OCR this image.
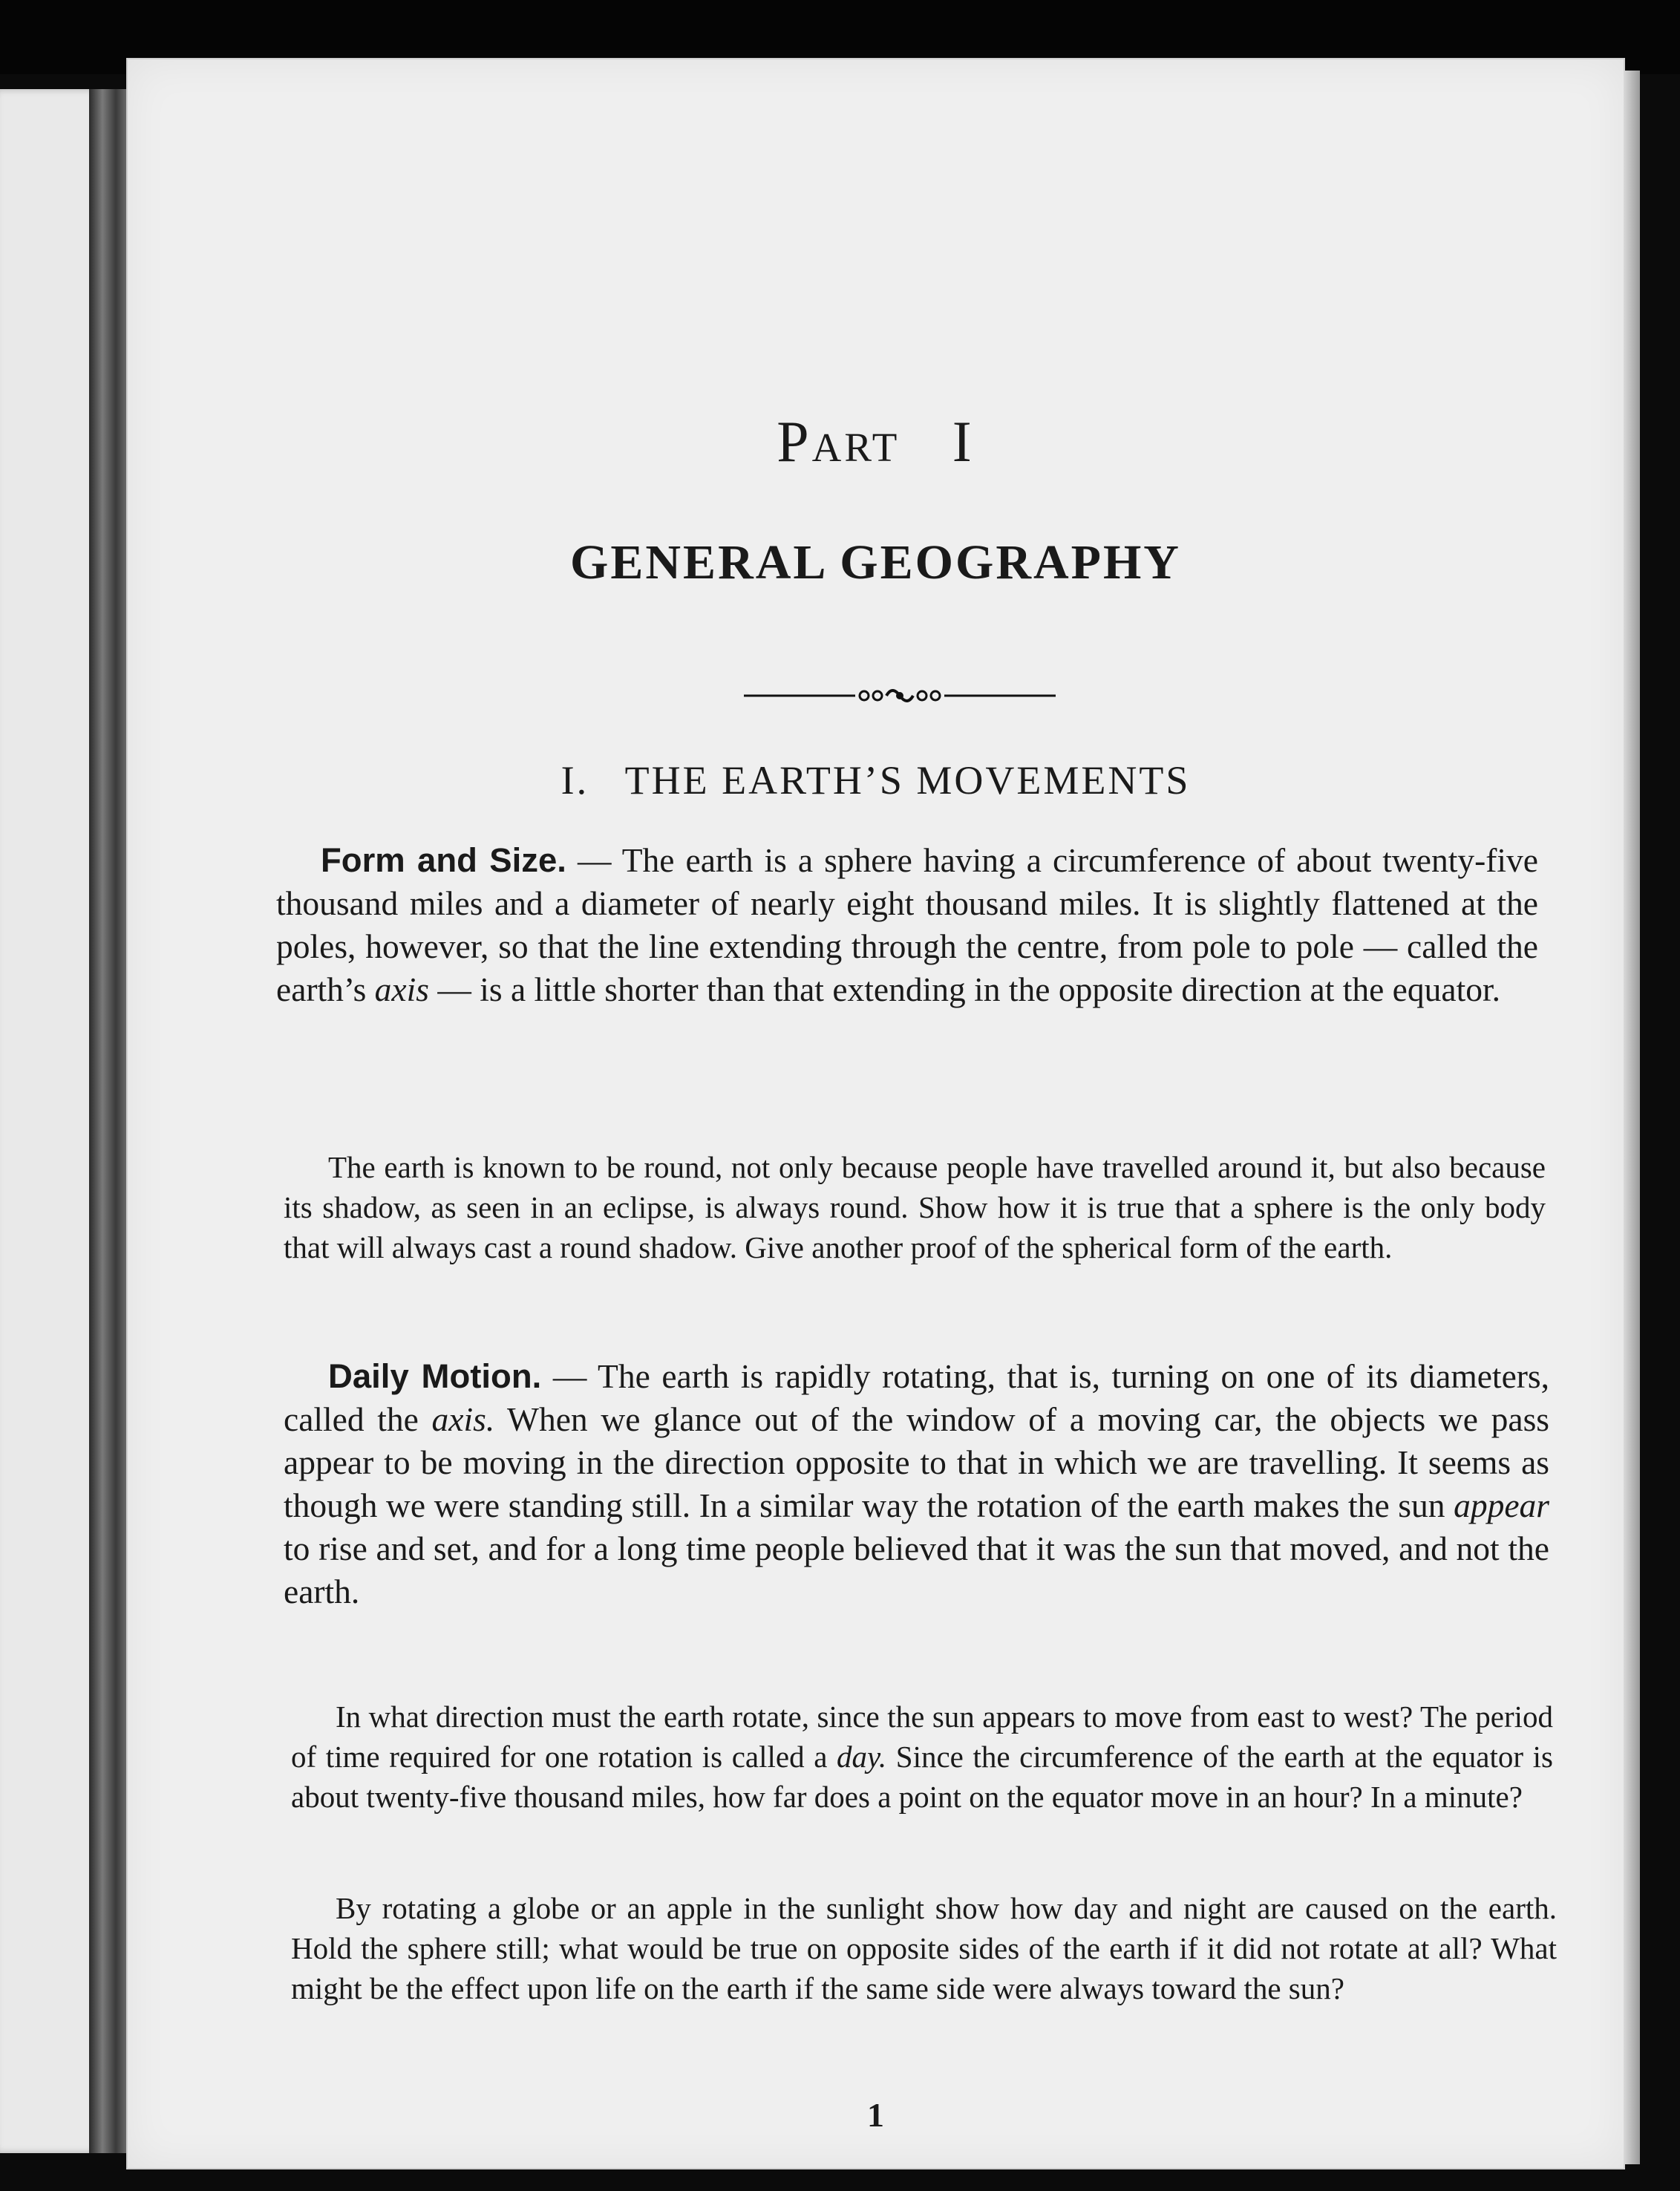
Part I
GENERAL GEOGRAPHY
I. THE EARTH’S MOVEMENTS

Form and Size. — The earth is a sphere having a circumference of about twenty-five thousand miles and a diameter of nearly eight thousand miles. It is slightly flattened at the poles, however, so that the line extending through the centre, from pole to pole — called the earth’s axis — is a little shorter than that extending in the opposite direction at the equator.

The earth is known to be round, not only because people have travelled around it, but also because its shadow, as seen in an eclipse, is always round. Show how it is true that a sphere is the only body that will always cast a round shadow. Give another proof of the spherical form of the earth.

Daily Motion. — The earth is rapidly rotating, that is, turning on one of its diameters, called the axis. When we glance out of the window of a moving car, the objects we pass appear to be moving in the direction opposite to that in which we are travelling. It seems as though we were standing still. In a similar way the rotation of the earth makes the sun appear to rise and set, and for a long time people believed that it was the sun that moved, and not the earth.

In what direction must the earth rotate, since the sun appears to move from east to west? The period of time required for one rotation is called a day. Since the circumference of the earth at the equator is about twenty-five thousand miles, how far does a point on the equator move in an hour? In a minute?

By rotating a globe or an apple in the sunlight show how day and night are caused on the earth. Hold the sphere still; what would be true on opposite sides of the earth if it did not rotate at all? What might be the effect upon life on the earth if the same side were always toward the sun?

1
